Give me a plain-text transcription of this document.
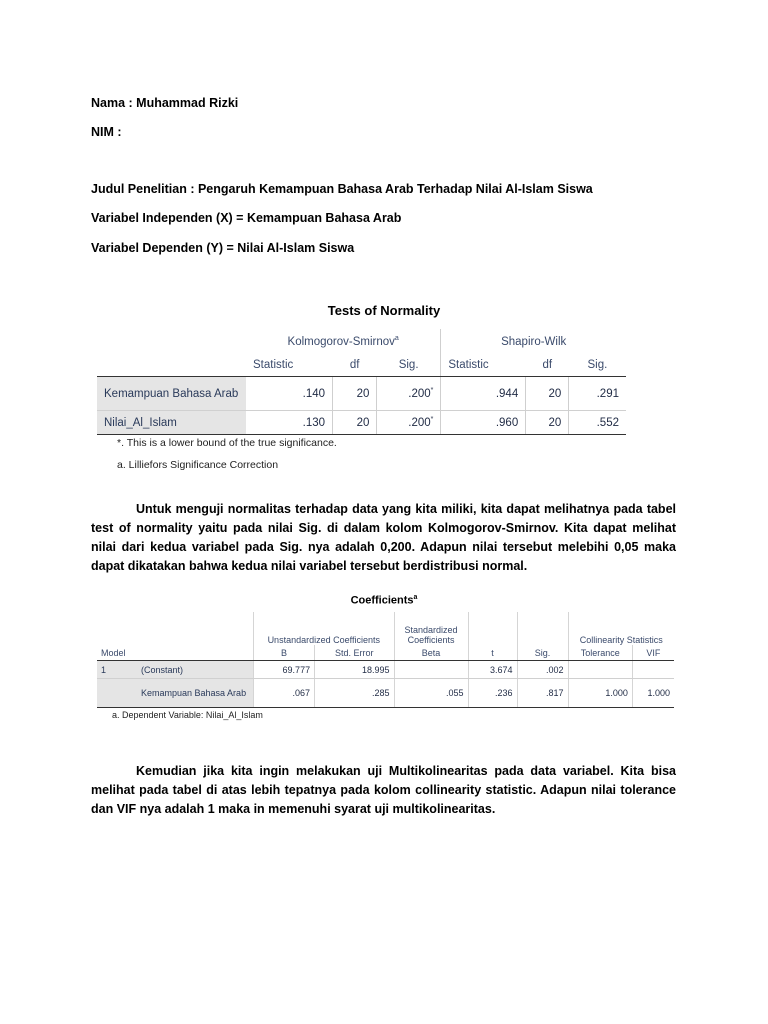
Nama : Muhammad Rizki
NIM :
Judul Penelitian : Pengaruh Kemampuan Bahasa Arab Terhadap Nilai Al-Islam Siswa
Variabel Independen (X) = Kemampuan Bahasa Arab
Variabel Dependen (Y) = Nilai Al-Islam Siswa
Tests of Normality
	Kolmogorov-Smirnov$^a$			Shapiro-Wilk		
	Statistic	df	Sig.	Statistic	df	Sig.
Kemampuan Bahasa Arab	.140	20	.200*	.944	20	.291
Nilai_Al_Islam	.130	20	.200*	.960	20	.552
*. This is a lower bound of the true significance.
a. Lilliefors Significance Correction

Untuk menguji normalitas terhadap data yang kita miliki, kita dapat melihatnya pada tabel test of normality yaitu pada nilai Sig. di dalam kolom Kolmogorov-Smirnov. Kita dapat melihat nilai dari kedua variabel pada Sig. nya adalah 0,200. Adapun nilai tersebut melebihi 0,05 maka dapat dikatakan bahwa kedua nilai variabel tersebut berdistribusi normal.

Coefficients$^a$
		Unstandardized Coefficients		Standardized Coefficients			Collinearity Statistics	
Model		B	Std. Error	Beta	t	Sig.	Tolerance	VIF
1	(Constant)	69.777	18.995		3.674	.002		
	Kemampuan Bahasa Arab	.067	.285	.055	.236	.817	1.000	1.000
a. Dependent Variable: Nilai_Al_Islam

Kemudian jika kita ingin melakukan uji Multikolinearitas pada data variabel. Kita bisa melihat pada tabel di atas lebih tepatnya pada kolom collinearity statistic. Adapun nilai tolerance dan VIF nya adalah 1 maka in memenuhi syarat uji multikolinearitas.
